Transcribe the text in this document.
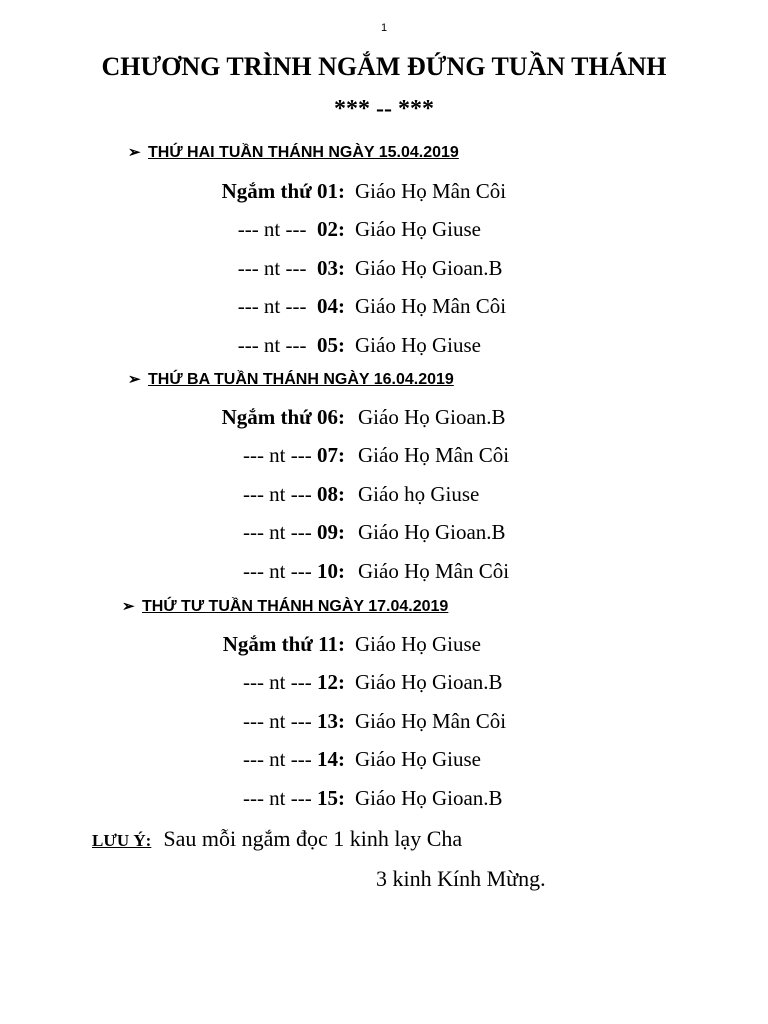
1
CHƯƠNG TRÌNH NGẮM ĐỨNG TUẦN THÁNH
*** -- ***
➢ THỨ HAI TUẦN THÁNH NGÀY 15.04.2019
Ngắm thứ 01: Giáo Họ Mân Côi
--- nt ---  02: Giáo Họ Giuse
--- nt ---  03: Giáo Họ Gioan.B
--- nt ---  04: Giáo Họ Mân Côi
--- nt ---  05: Giáo Họ Giuse
➢ THỨ BA TUẦN THÁNH NGÀY 16.04.2019
Ngắm thứ 06: Giáo Họ Gioan.B
--- nt --- 07: Giáo Họ Mân Côi
--- nt --- 08: Giáo họ Giuse
--- nt --- 09: Giáo Họ Gioan.B
--- nt --- 10: Giáo Họ Mân Côi
➢ THỨ TƯ TUẦN THÁNH NGÀY 17.04.2019
Ngắm thứ 11: Giáo Họ Giuse
--- nt --- 12: Giáo Họ Gioan.B
--- nt --- 13: Giáo Họ Mân Côi
--- nt --- 14: Giáo Họ Giuse
--- nt --- 15: Giáo Họ Gioan.B
LƯU Ý: Sau mỗi ngắm đọc 1 kinh lạy Cha
3 kinh Kính Mừng.
